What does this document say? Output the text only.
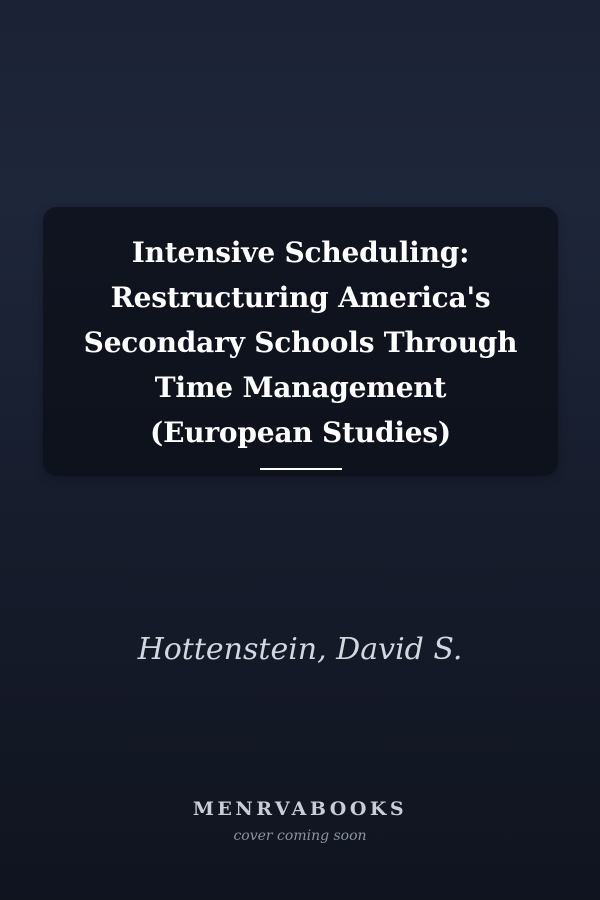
Intensive Scheduling:
Restructuring America's
Secondary Schools Through
Time Management
(European Studies)
Hottenstein, David S.
MENRVABOOKS
cover coming soon
